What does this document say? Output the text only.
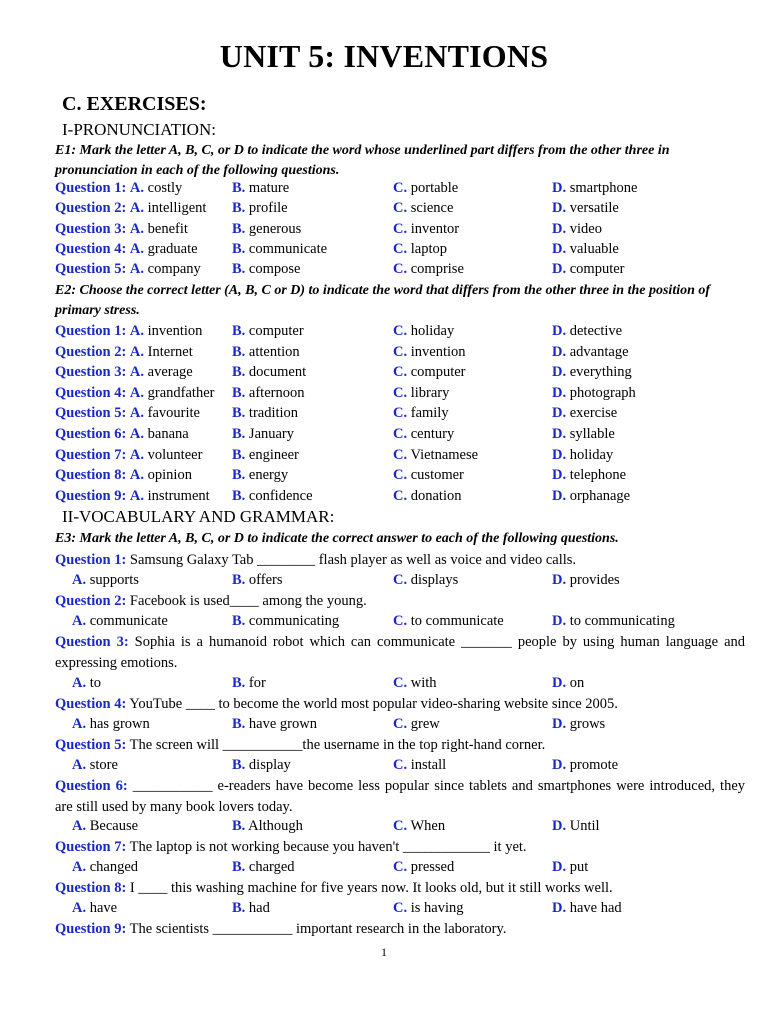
UNIT 5: INVENTIONS
C. EXERCISES:
I-PRONUNCIATION:
E1: Mark the letter A, B, C, or D to indicate the word whose underlined part differs from the other three in pronunciation in each of the following questions.
Question 1: A. costly	B. mature	C. portable	D. smartphone
Question 2: A. intelligent B. profile	C. science	D. versatile
Question 3: A. benefit	B. generous	C. inventor	D. video
Question 4: A. graduate B. communicate	C. laptop	D. valuable
Question 5: A. company B. compose	C. comprise	D. computer
E2: Choose the correct letter (A, B, C or D) to indicate the word that differs from the other three in the position of primary stress.
Question 1: A. invention B. computer	C. holiday	D. detective
Question 2: A. Internet	B. attention	C. invention	D. advantage
Question 3: A. average	B. document	C. computer	D. everything
Question 4: A. grandfather B. afternoon	C. library	D. photograph
Question 5: A. favourite B. tradition	C. family	D. exercise
Question 6: A. banana	B. January	C. century	D. syllable
Question 7: A. volunteer B. engineer	C. Vietnamese	D. holiday
Question 8: A. opinion	B. energy	C. customer	D. telephone
Question 9: A. instrument B. confidence	C. donation	D. orphanage
II-VOCABULARY AND GRAMMAR:
E3: Mark the letter A, B, C, or D to indicate the correct answer to each of the following questions.
Question 1: Samsung Galaxy Tab ________ flash player as well as voice and video calls.
A. supports	B. offers	C. displays	D. provides
Question 2: Facebook is used____ among the young.
A. communicate	B. communicating	C. to communicate	D. to communicating
Question 3: Sophia is a humanoid robot which can communicate _______ people by using human language and expressing emotions.
A. to	B. for	C. with	D. on
Question 4: YouTube ____ to become the world most popular video-sharing website since 2005.
A. has grown	B. have grown	C. grew	D. grows
Question 5: The screen will ___________the username in the top right-hand corner.
A. store	B. display	C. install	D. promote
Question 6: ___________ e-readers have become less popular since tablets and smartphones were introduced, they are still used by many book lovers today.
A. Because	B. Although	C. When	D. Until
Question 7: The laptop is not working because you haven't ____________ it yet.
A. changed	B. charged	C. pressed	D. put
Question 8: I ____ this washing machine for five years now. It looks old, but it still works well.
A. have	B. had	C. is having	D. have had
Question 9: The scientists ___________ important research in the laboratory.
1
